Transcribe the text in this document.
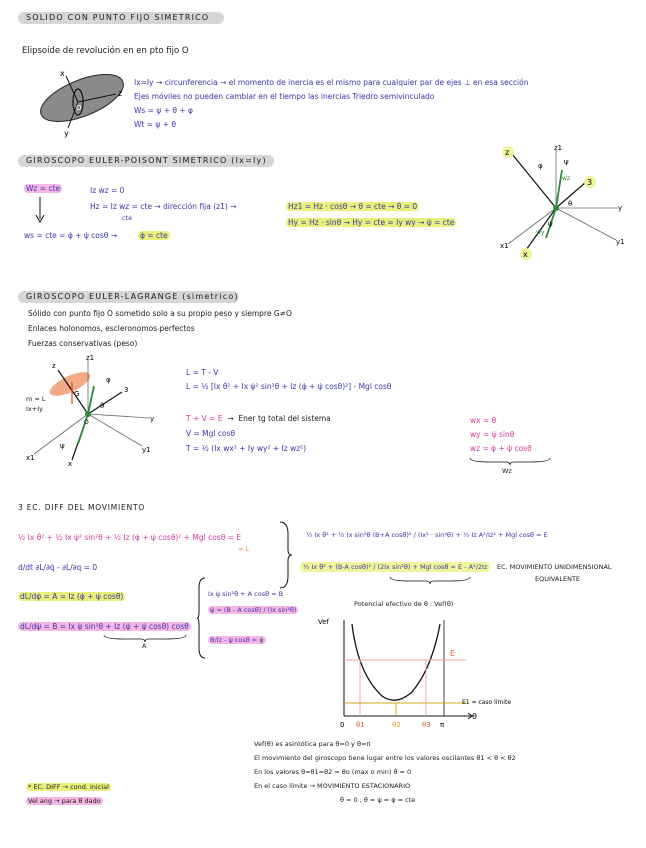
SOLIDO CON PUNTO FIJO SIMETRICO
Elipsoide de revolución en en pto fijo O
x
z
y
O
Ix=Iy → circunferencia → el momento de inercia es el mismo para cualquier par de ejes ⊥ en esa sección
Ejes móviles no pueden cambiar en el tiempo las inercias Triedro semivinculado
Ws = ψ + θ + φ
Wt = ψ + θ
GIROSCOPO EULER-POISONT SIMETRICO (Ix=Iy)
Wz = cte	Iz ẇz = 0
Hz = Iz wz = cte → dirección fija (z1) →
cte
Hz1 = Hz · cosθ → θ = cte → θ̇ = 0
Hy = Hz · sinθ → Hy = cte = Iy wy → ψ̇ = cte
ws = cte = φ̇ + ψ̇ cosθ →	φ̇ = cte
z	z1
3
y
y1
x
x1
ψ
θ
wz
wy
φ
ψ̇
GIROSCOPO EULER-LAGRANGE (simetrico)
Sólido con punto fijo O sometido solo a su propio peso y siempre G≠O
Enlaces holonomos, escleronomos perfectos
Fuerzas conservativas (peso)
z1
z
3
y
x1
x
y1
G
φ
ψ
θ
O
m = L
Ix+Iy
L = T - V
L = ½ [Ix θ̇² + Ix ψ̇² sin²θ + Iz (φ̇ + ψ̇ cosθ)²] - Mgl cosθ
T + V = E  →  Ener tg total del sistema
V = Mgl cosθ
T = ½ (Ix wx² + Iy wy² + Iz wz²)
wx = θ̇
wy = ψ̇ sinθ
wz = φ̇ + ψ̇ cosθ
Wz
3 EC. DIFF DEL MOVIMIENTO
½ Ix θ̇² + ½ Ix ψ̇² sin²θ + ½ Iz (φ̇ + ψ̇ cosθ)² + Mgl cosθ = E
= L
d/dt ∂L/∂q̇ - ∂L/∂q = 0
dL/dφ̇ = A = Iz (φ̇ + ψ̇ cosθ)
dL/dψ̇ = B = Ix ψ̇ sin²θ + Iz (φ̇ + ψ̇ cosθ) cosθ
A
Ix ψ̇ sin²θ + A cosθ = B
ψ̇ = (B - A cosθ) / (Ix sin²θ)
B/Iz - ψ̇ cosθ = φ̇
½ Ix θ̇² + ½ Ix sin²θ (B+A cosθ)² / (Ix² · sin⁴θ) + ½ Iz A²/Iz² + Mgl cosθ = E
½ Ix θ̇² + (B-A cosθ)² / (2Ix sin²θ) + Mgl cosθ = E - A²/2Iz	EC. MOVIMIENTO UNIDIMENSIONAL
EQUIVALENTE
Potencial efectivo de θ : Vef(θ)
Vef
θ
E
E1 = caso límite
0 θ1	θ2	θ3 π
Vef(θ) es asintótica para θ=0 y θ=π
El movimiento del giroscopo tiene lugar entre los valores oscilantes θ1 < θ < θ2
En los valores θ=θ1=θ2 = θo (max o min) θ̇ = 0
En el caso límite → MOVIMIENTO ESTACIONARIO
θ̇ = 0 , θ = ψ̇ = φ̇ = cte
* EC. DIFF → cond. inicial
Vel ang → para θ dado
